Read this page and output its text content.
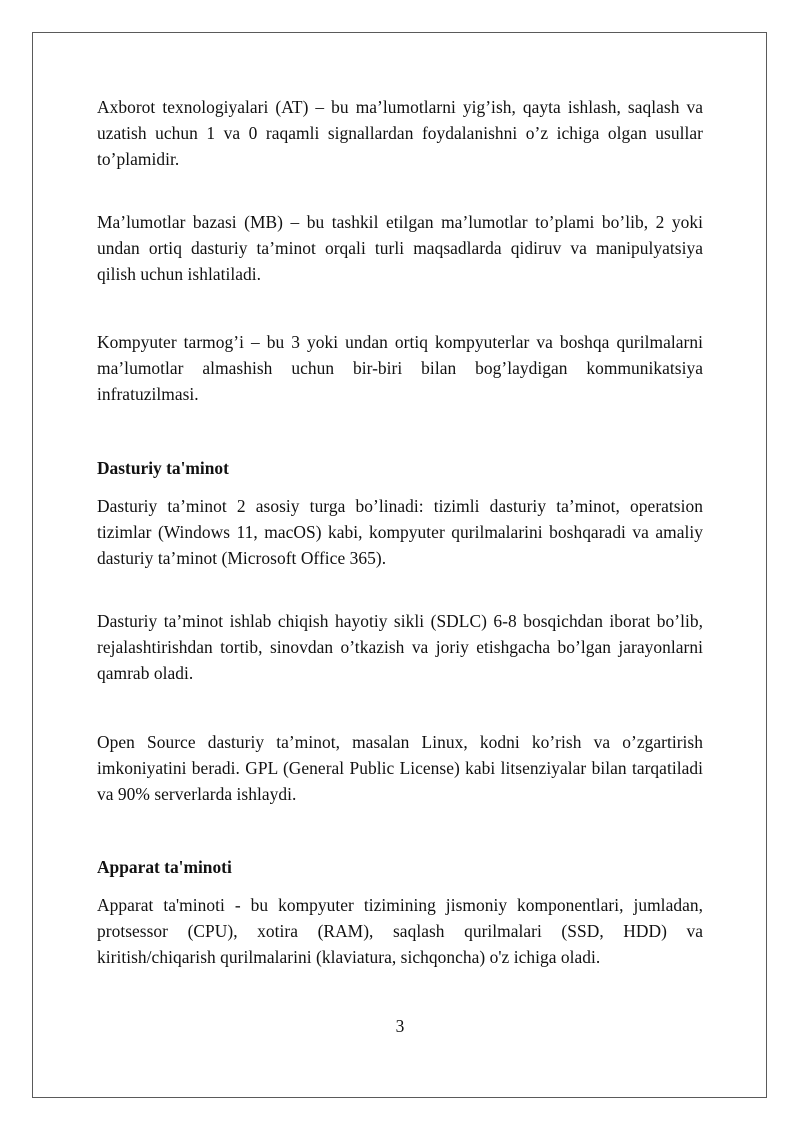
Axborot texnologiyalari (AT) – bu ma’lumotlarni yig’ish, qayta ishlash, saqlash va uzatish uchun 1 va 0 raqamli signallardan foydalanishni o’z ichiga olgan usullar to’plamidir.

Ma’lumotlar bazasi (MB) – bu tashkil etilgan ma’lumotlar to’plami bo’lib, 2 yoki undan ortiq dasturiy ta’minot orqali turli maqsadlarda qidiruv va manipulyatsiya qilish uchun ishlatiladi.

Kompyuter tarmog’i – bu 3 yoki undan ortiq kompyuterlar va boshqa qurilmalarni ma’lumotlar almashish uchun bir-biri bilan bog’laydigan kommunikatsiya infratuzilmasi.

Dasturiy ta'minot

Dasturiy ta’minot 2 asosiy turga bo’linadi: tizimli dasturiy ta’minot, operatsion tizimlar (Windows 11, macOS) kabi, kompyuter qurilmalarini boshqaradi va amaliy dasturiy ta’minot (Microsoft Office 365).

Dasturiy ta’minot ishlab chiqish hayotiy sikli (SDLC) 6-8 bosqichdan iborat bo’lib, rejalashtirishdan tortib, sinovdan o’tkazish va joriy etishgacha bo’lgan jarayonlarni qamrab oladi.

Open Source dasturiy ta’minot, masalan Linux, kodni ko’rish va o’zgartirish imkoniyatini beradi. GPL (General Public License) kabi litsenziyalar bilan tarqatiladi va 90% serverlarda ishlaydi.

Apparat ta'minoti

Apparat ta'minoti - bu kompyuter tizimining jismoniy komponentlari, jumladan, protsessor (CPU), xotira (RAM), saqlash qurilmalari (SSD, HDD) va kiritish/chiqarish qurilmalarini (klaviatura, sichqoncha) o'z ichiga oladi.

3
